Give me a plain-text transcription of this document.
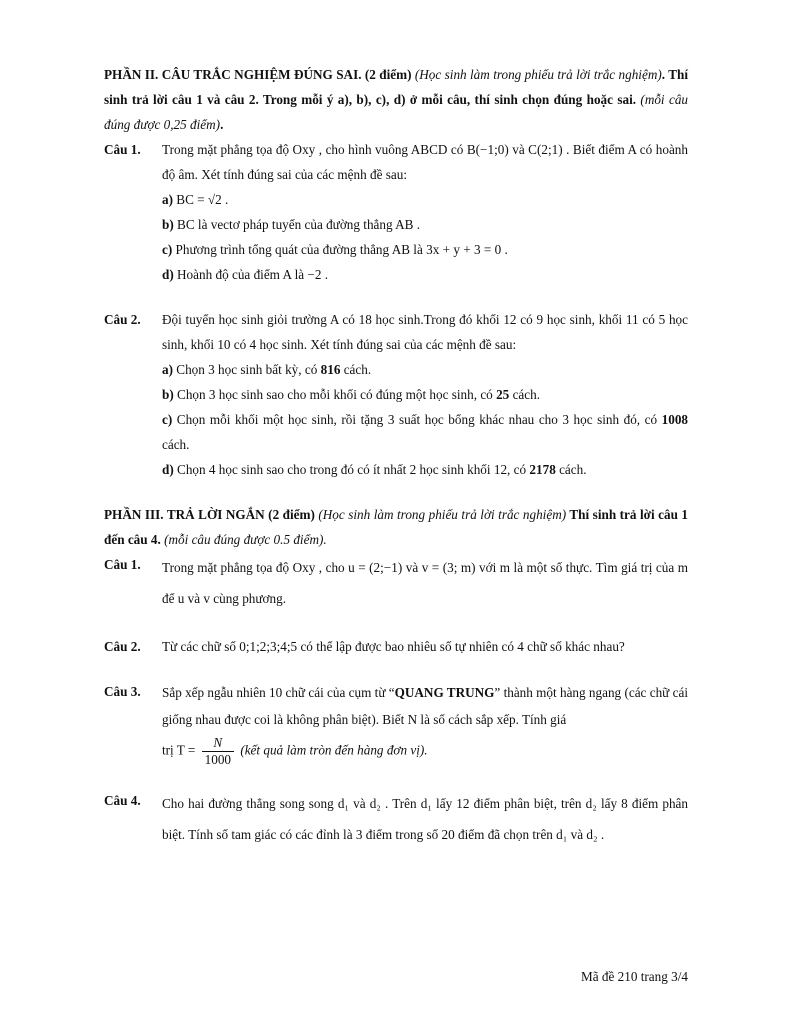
PHẦN II. CÂU TRẮC NGHIỆM ĐÚNG SAI. (2 điểm) (Học sinh làm trong phiếu trả lời trắc nghiệm). Thí sinh trả lời câu 1 và câu 2. Trong mỗi ý a), b), c), d) ở mỗi câu, thí sinh chọn đúng hoặc sai. (mỗi câu đúng được 0,25 điểm).

Câu 1.	Trong mặt phẳng tọa độ Oxy , cho hình vuông ABCD có B(−1;0) và C(2;1) . Biết điểm A có hoành độ âm. Xét tính đúng sai của các mệnh đề sau:

a) BC = √2 .
b) BC là vectơ pháp tuyến của đường thẳng AB .
c) Phương trình tổng quát của đường thẳng AB là 3x + y + 3 = 0 .
d) Hoành độ của điểm A là −2 .
Câu 2.	Đội tuyển học sinh giỏi trường A có 18 học sinh.Trong đó khối 12 có 9 học sinh, khối 11 có 5 học sinh, khối 10 có 4 học sinh. Xét tính đúng sai của các mệnh đề sau:

a) Chọn 3 học sinh bất kỳ, có 816 cách.
b) Chọn 3 học sinh sao cho mỗi khối có đúng một học sinh, có 25 cách.
c) Chọn mỗi khối một học sinh, rồi tặng 3 suất học bổng khác nhau cho 3 học sinh đó, có 1008 cách.
d) Chọn 4 học sinh sao cho trong đó có ít nhất 2 học sinh khối 12, có 2178 cách.

PHẦN III. TRẢ LỜI NGẮN (2 điểm) (Học sinh làm trong phiếu trả lời trắc nghiệm) Thí sinh trả lời câu 1 đến câu 4. (mỗi câu đúng được 0.5 điểm).

Câu 1.	Trong mặt phẳng tọa độ Oxy , cho u = (2;−1) và v = (3; m) với m là một số thực. Tìm giá trị của m để u và v cùng phương.

Câu 2.	Từ các chữ số 0;1;2;3;4;5 có thể lập được bao nhiêu số tự nhiên có 4 chữ số khác nhau?

Câu 3.	Sắp xếp ngẫu nhiên 10 chữ cái của cụm từ “QUANG TRUNG” thành một hàng ngang (các chữ cái giống nhau được coi là không phân biệt). Biết N là số cách sắp xếp. Tính giá

trị $T = \frac{N}{1000}$ (kết quả làm tròn đến hàng đơn vị).

Câu 4.	Cho hai đường thẳng song song d₁ và d₂ . Trên d₁ lấy 12 điểm phân biệt, trên d₂ lấy 8 điểm phân biệt. Tính số tam giác có các đỉnh là 3 điểm trong số 20 điểm đã chọn trên d₁ và d₂ .

Mã đề 210 trang 3/4
